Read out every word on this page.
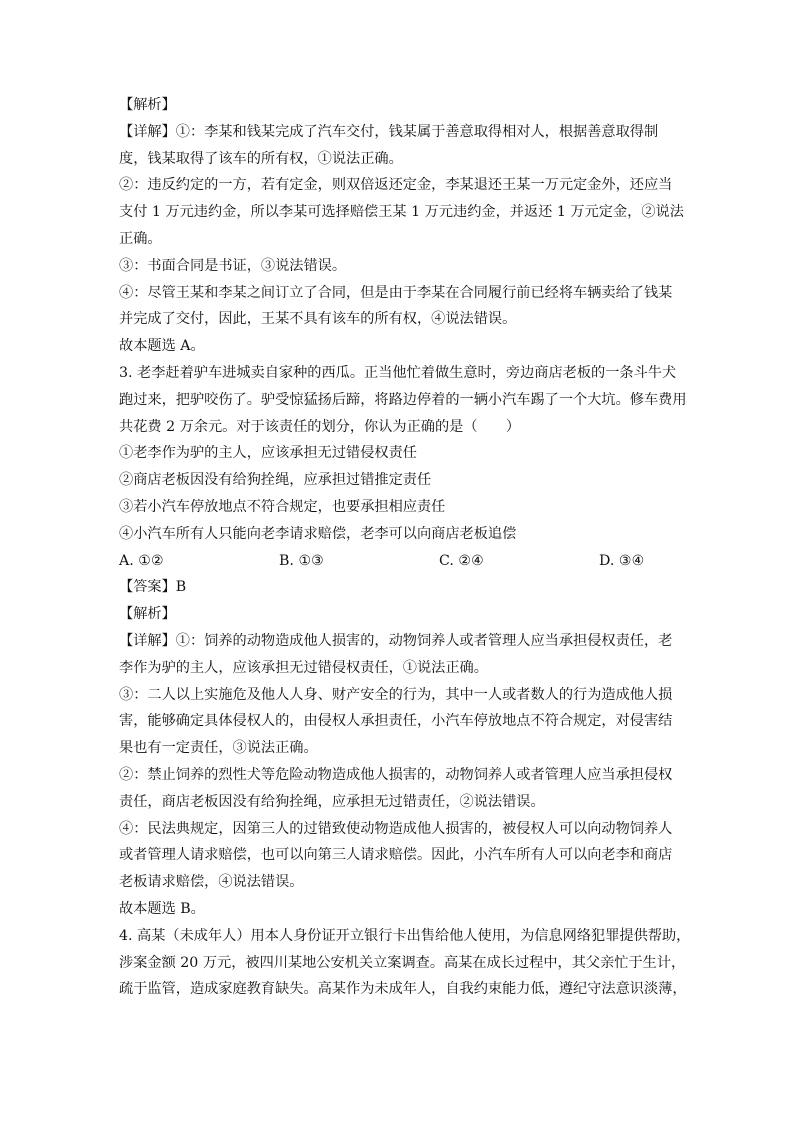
【解析】
【详解】①：李某和钱某完成了汽车交付，钱某属于善意取得相对人，根据善意取得制
度，钱某取得了该车的所有权，①说法正确。
②：违反约定的一方，若有定金，则双倍返还定金，李某退还王某一万元定金外，还应当
支付 1 万元违约金，所以李某可选择赔偿王某 1 万元违约金，并返还 1 万元定金，②说法
正确。
③：书面合同是书证，③说法错误。
④：尽管王某和李某之间订立了合同，但是由于李某在合同履行前已经将车辆卖给了钱某
并完成了交付，因此，王某不具有该车的所有权，④说法错误。
故本题选 A。
3. 老李赶着驴车进城卖自家种的西瓜。正当他忙着做生意时，旁边商店老板的一条斗牛犬
跑过来，把驴咬伤了。驴受惊猛扬后蹄，将路边停着的一辆小汽车踢了一个大坑。修车费用
共花费 2 万余元。对于该责任的划分，你认为正确的是（　　）
①老李作为驴的主人，应该承担无过错侵权责任
②商店老板因没有给狗拴绳，应承担过错推定责任
③若小汽车停放地点不符合规定，也要承担相应责任
④小汽车所有人只能向老李请求赔偿，老李可以向商店老板追偿
A. ①②	B. ①③	C. ②④	D. ③④
【答案】B
【解析】
【详解】①：饲养的动物造成他人损害的，动物饲养人或者管理人应当承担侵权责任，老
李作为驴的主人，应该承担无过错侵权责任，①说法正确。
③：二人以上实施危及他人人身、财产安全的行为，其中一人或者数人的行为造成他人损
害，能够确定具体侵权人的，由侵权人承担责任，小汽车停放地点不符合规定，对侵害结
果也有一定责任，③说法正确。
②：禁止饲养的烈性犬等危险动物造成他人损害的，动物饲养人或者管理人应当承担侵权
责任，商店老板因没有给狗拴绳，应承担无过错责任，②说法错误。
④：民法典规定，因第三人的过错致使动物造成他人损害的，被侵权人可以向动物饲养人
或者管理人请求赔偿，也可以向第三人请求赔偿。因此，小汽车所有人可以向老李和商店
老板请求赔偿，④说法错误。
故本题选 B。
4. 高某（未成年人）用本人身份证开立银行卡出售给他人使用，为信息网络犯罪提供帮助，
涉案金额 20 万元，被四川某地公安机关立案调查。高某在成长过程中，其父亲忙于生计，
疏于监管，造成家庭教育缺失。高某作为未成年人，自我约束能力低，遵纪守法意识淡薄，
